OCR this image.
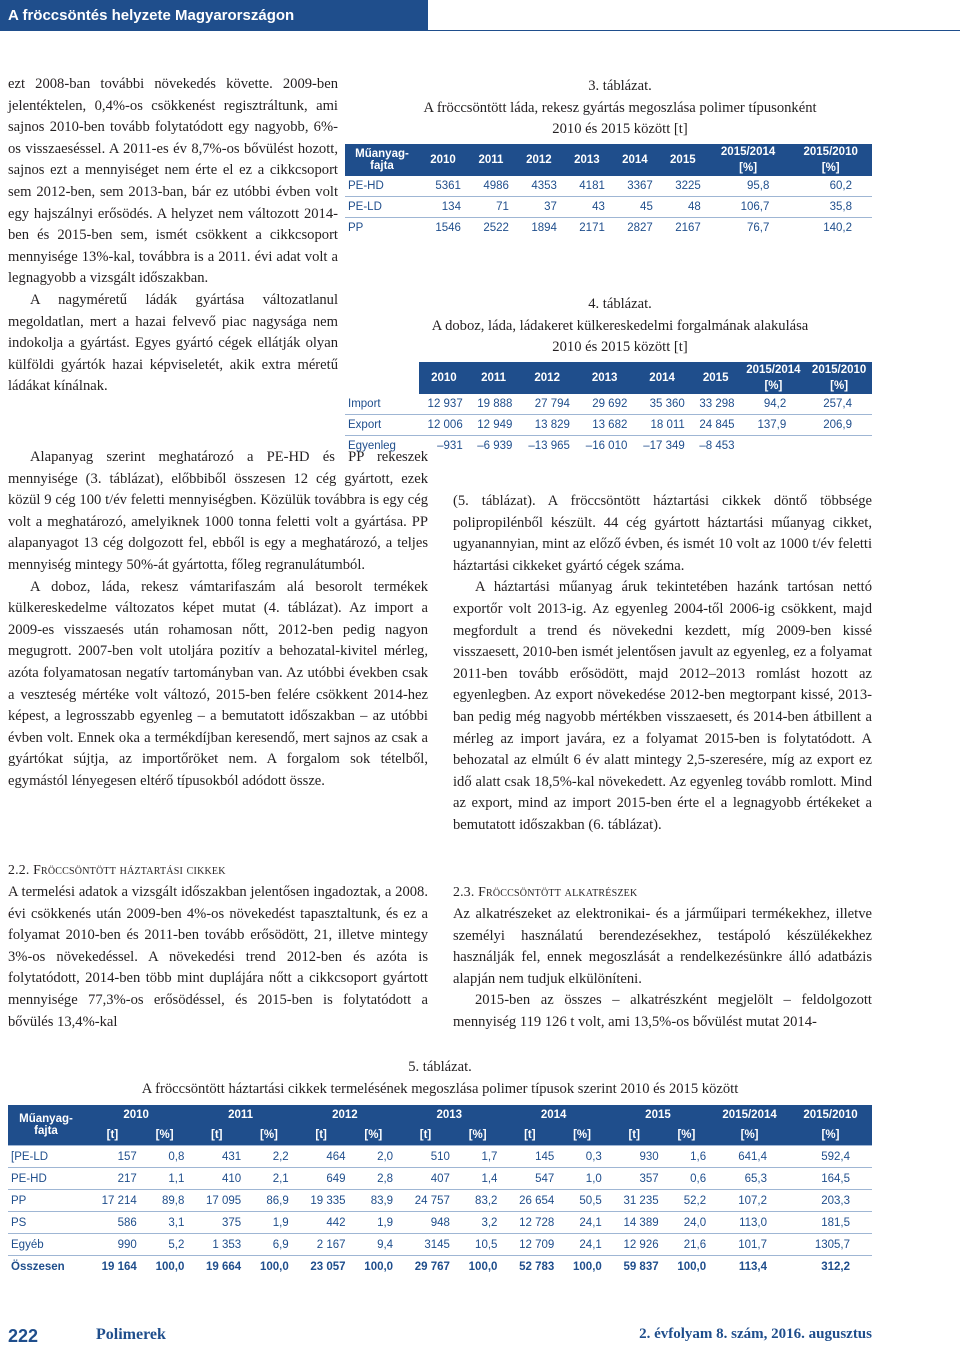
A fröccsöntés helyzete Magyarországon

ezt 2008-ban további növekedés követte. 2009-ben jelentéktelen, 0,4%-os csökkenést regisztráltunk, ami sajnos 2010-ben tovább folytatódott egy nagyobb, 6%-os visszaeséssel. A 2011-es év 8,7%-os bővülést hozott, sajnos ezt a mennyiséget nem érte el ez a cikkcsoport sem 2012-ben, sem 2013-ban, bár ez utóbbi évben volt egy hajszálnyi erősödés. A helyzet nem változott 2014-ben és 2015-ben sem, ismét csökkent a cikkcsoport mennyisége 13%-kal, továbbra is a 2011. évi adat volt a legnagyobb a vizsgált időszakban.

A nagyméretű ládák gyártása változatlanul megoldatlan, mert a hazai felvevő piac nagysága nem indokolja a gyártást. Egyes gyártó cégek ellátják olyan külföldi gyártók hazai képviseletét, akik extra méretű ládákat kínálnak.

Alapanyag szerint meghatározó a PE-HD és PP rekeszek mennyisége (3. táblázat), előbbiből összesen 12 cég gyártott, ezek közül 9 cég 100 t/év feletti mennyiségben. Közülük továbbra is egy cég volt a meghatározó, amelyiknek 1000 tonna feletti volt a gyártása. PP alapanyagot 13 cég dolgozott fel, ebből is egy a meghatározó, a teljes mennyiség mintegy 50%-át gyártotta, főleg regranulátumból.

A doboz, láda, rekesz vámtarifaszám alá besorolt termékek külkereskedelme változatos képet mutat (4. táblázat). Az import a 2009-es visszaesés után rohamosan nőtt, 2012-ben pedig nagyon megugrott. 2007-ben volt utoljára pozitív a behozatal-kivitel mérleg, azóta folyamatosan negatív tartományban van. Az utóbbi években csak a veszteség mértéke volt változó, 2015-ben felére csökkent 2014-hez képest, a legrosszabb egyenleg – a bemutatott időszakban – az utóbbi évben volt. Ennek oka a termékdíjban keresendő, mert sajnos az csak a gyártókat sújtja, az importőröket nem. A forgalom sok tételből, egymástól lényegesen eltérő típusokból adódott össze.

2.2. Fröccsöntött háztartási cikkek

A termelési adatok a vizsgált időszakban jelentősen ingadoztak, a 2008. évi csökkenés után 2009-ben 4%-os növekedést tapasztaltunk, és ez a folyamat 2010-ben és 2011-ben tovább erősödött, 21, illetve mintegy 3%-os növekedéssel. A növekedési trend 2012-ben és azóta is folytatódott, 2014-ben több mint duplájára nőtt a cikkcsoport gyártott mennyisége 77,3%-os erősödéssel, és 2015-ben is folytatódott a bővülés 13,4%-kal

(5. táblázat). A fröccsöntött háztartási cikkek döntő többsége polipropilénből készült. 44 cég gyártott háztartási műanyag cikket, ugyanannyian, mint az előző évben, és ismét 10 volt az 1000 t/év feletti háztartási cikkeket gyártó cégek száma.

A háztartási műanyag áruk tekintetében hazánk tartósan nettó exportőr volt 2013-ig. Az egyenleg 2004-től 2006-ig csökkent, majd megfordult a trend és növekedni kezdett, míg 2009-ben kissé visszaesett, 2010-ben ismét jelentősen javult az egyenleg, ez a folyamat 2011-ben tovább erősödött, majd 2012–2013 romlást hozott az egyenlegben. Az export növekedése 2012-ben megtorpant kissé, 2013-ban pedig még nagyobb mértékben visszaesett, és 2014-ben átbillent a mérleg az import javára, ez a folyamat 2015-ben is folytatódott. A behozatal az elmúlt 6 év alatt mintegy 2,5-szeresére, míg az export ez idő alatt csak 18,5%-kal növekedett. Az egyenleg tovább romlott. Mind az export, mind az import 2015-ben érte el a legnagyobb értékeket a bemutatott időszakban (6. táblázat).

2.3. Fröccsöntött alkatrészek

Az alkatrészeket az elektronikai- és a járműipari termékekhez, illetve személyi használatú berendezésekhez, testápoló készülékekhez használják fel, ennek megoszlását a rendelkezésünkre álló adatbázis alapján nem tudjuk elkülöníteni.

2015-ben az összes – alkatrészként megjelölt – feldolgozott mennyiség 119 126 t volt, ami 13,5%-os bővülést mutat 2014-

3. táblázat.
A fröccsöntött láda, rekesz gyártás megoszlása polimer típusonként
2010 és 2015 között [t]
Műanyag-
fajta	2010	2011	2012	2013	2014	2015	2015/2014
[%]	2015/2010
[%]
PE-HD	5361	4986	4353	4181	3367	3225	95,8	60,2
PE-LD	134	71	37	43	45	48	106,7	35,8
PP	1546	2522	1894	2171	2827	2167	76,7	140,2
4. táblázat.
A doboz, láda, ládakeret külkereskedelmi forgalmának alakulása
2010 és 2015 között [t]
	2010	2011	2012	2013	2014	2015	2015/2014
[%]	2015/2010
[%]
Import	12 937	19 888	27 794	29 692	35 360	33 298	94,2	257,4
Export	12 006	12 949	13 829	13 682	18 011	24 845	137,9	206,9
Egyenleg	–931	–6 939	–13 965	–16 010	–17 349	–8 453		
5. táblázat.
A fröccsöntött háztartási cikkek termelésének megoszlása polimer típusok szerint 2010 és 2015 között
Műanyag-
fajta	2010		2011		2012		2013		2014		2015		2015/2014	2015/2010
	[t]	[%]	[t]	[%]	[t]	[%]	[t]	[%]	[t]	[%]	[t]	[%]	[%]	[%]
[PE-LD	157	0,8	431	2,2	464	2,0	510	1,7	145	0,3	930	1,6	641,4	592,4
PE-HD	217	1,1	410	2,1	649	2,8	407	1,4	547	1,0	357	0,6	65,3	164,5
PP	17 214	89,8	17 095	86,9	19 335	83,9	24 757	83,2	26 654	50,5	31 235	52,2	107,2	203,3
PS	586	3,1	375	1,9	442	1,9	948	3,2	12 728	24,1	14 389	24,0	113,0	181,5
Egyéb	990	5,2	1 353	6,9	2 167	9,4	3145	10,5	12 709	24,1	12 926	21,6	101,7	1305,7
Összesen	19 164	100,0	19 664	100,0	23 057	100,0	29 767	100,0	52 783	100,0	59 837	100,0	113,4	312,2
222	Polimerek	2. évfolyam 8. szám, 2016. augusztus
